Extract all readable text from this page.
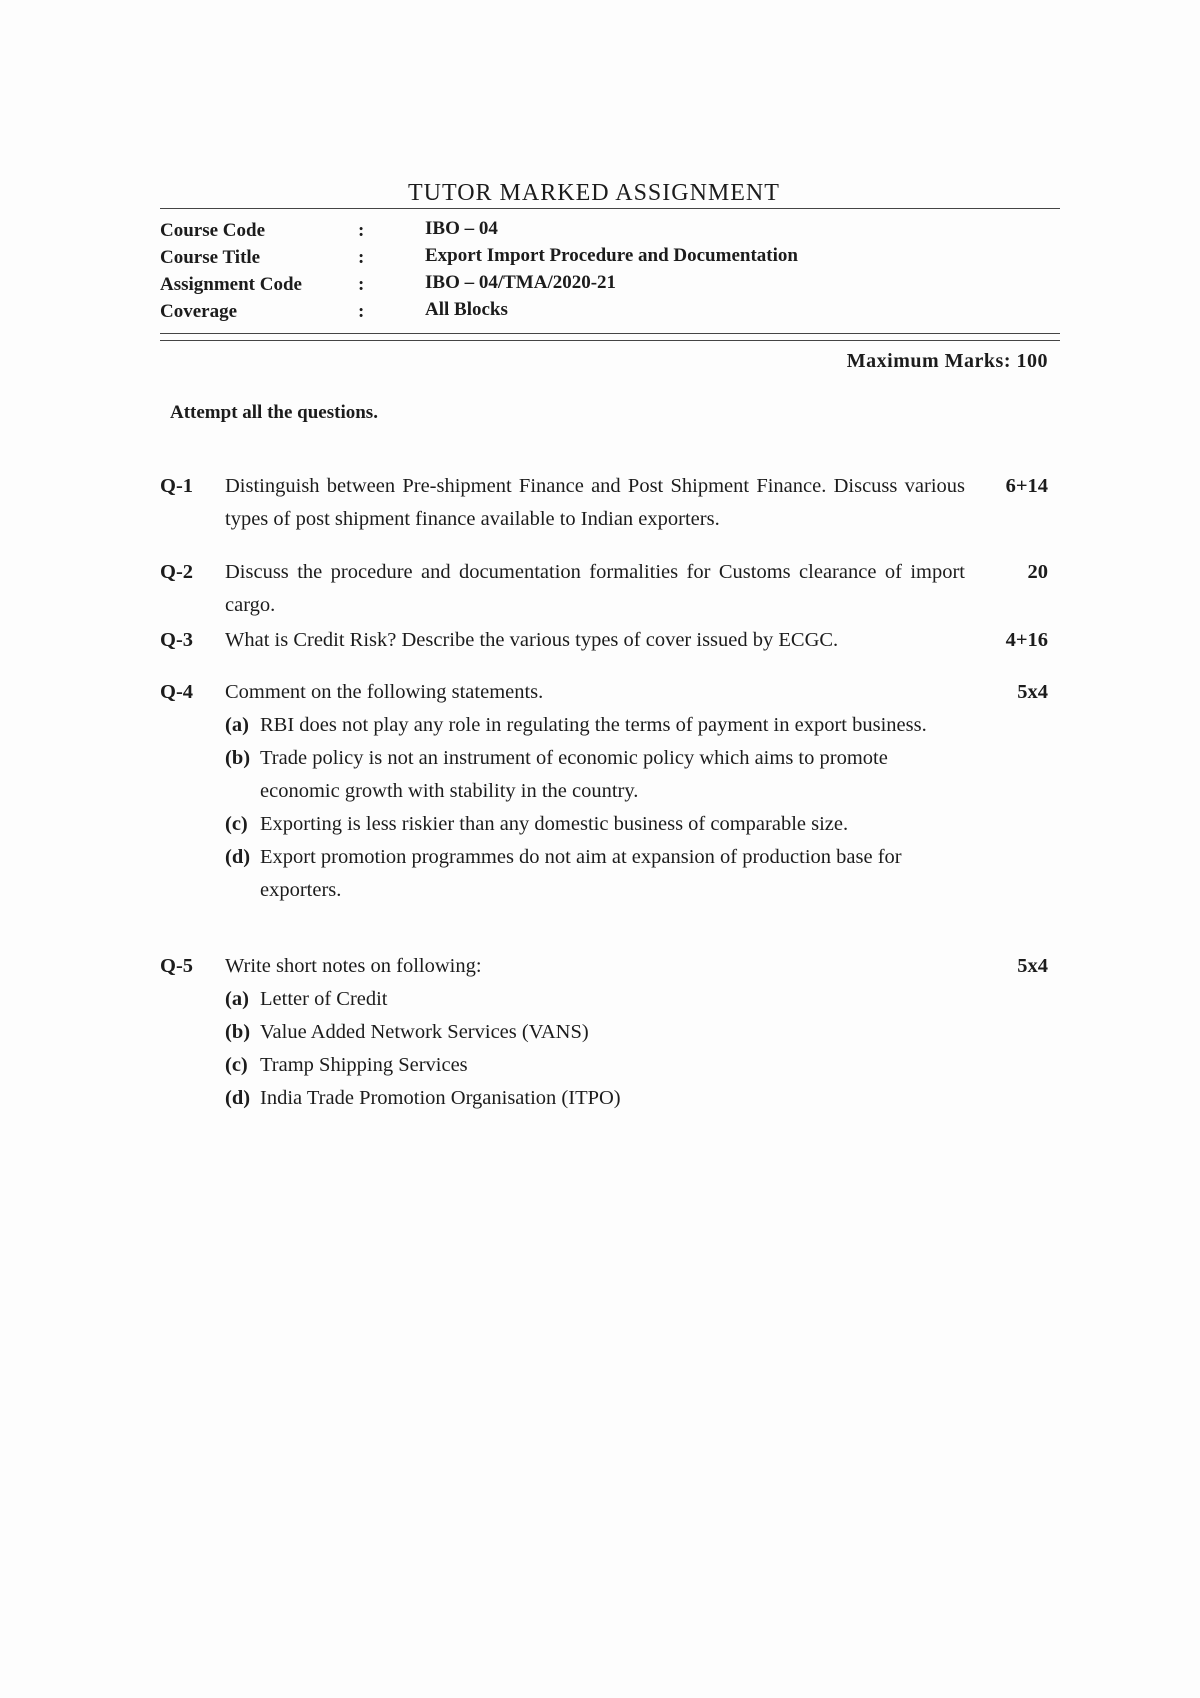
TUTOR MARKED ASSIGNMENT
Course Code	:	IBO – 04
Course Title	:	Export Import Procedure and Documentation
Assignment Code	:	IBO – 04/TMA/2020-21
Coverage	:	All Blocks
Maximum Marks: 100
Attempt all the questions.
Q-1 Distinguish between Pre-shipment Finance and Post Shipment Finance. Discuss various types of post shipment finance available to Indian exporters.
6+14
Q-2 Discuss the procedure and documentation formalities for Customs clearance of import cargo.
20
Q-3 What is Credit Risk? Describe the various types of cover issued by ECGC.	4+16
Q-4 Comment on the following statements.	5x4
(a) RBI does not play any role in regulating the terms of payment in export business.
(b) Trade policy is not an instrument of economic policy which aims to promote economic growth with stability in the country.
(c) Exporting is less riskier than any domestic business of comparable size.
(d) Export promotion programmes do not aim at expansion of production base for exporters.
Q-5 Write short notes on following:	5x4
(a) Letter of Credit
(b) Value Added Network Services (VANS)
(c) Tramp Shipping Services
(d) India Trade Promotion Organisation (ITPO)
